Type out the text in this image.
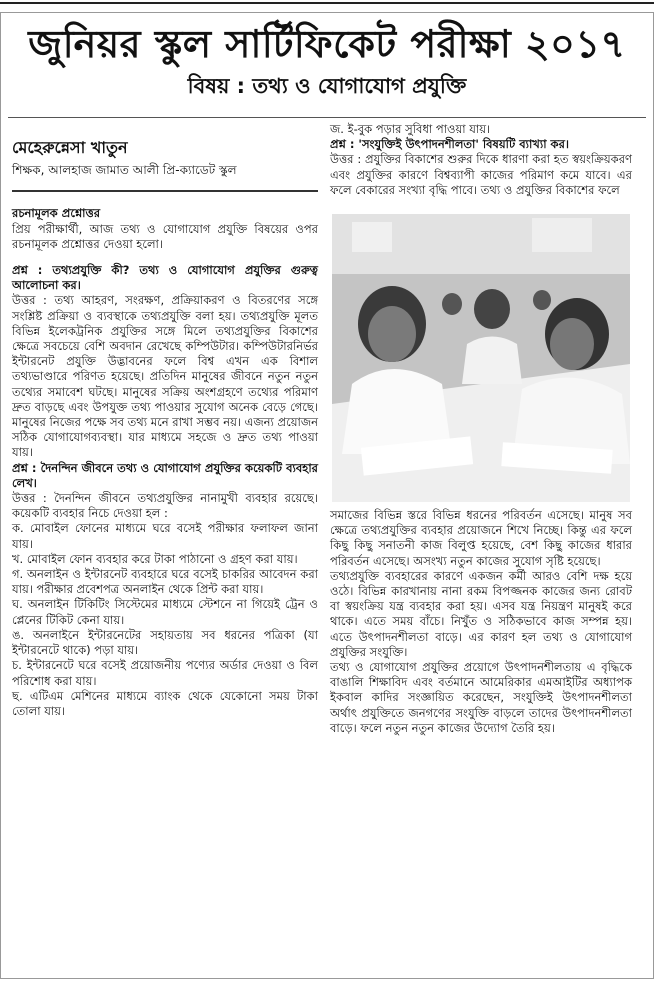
জুনিয়র স্কুল সার্টিফিকেট পরীক্ষা ২০১৭
বিষয় : তথ্য ও যোগাযোগ প্রযুক্তি
মেহেরুন্নেসা খাতুন
শিক্ষক, আলহাজ জামাত আলী প্রি-ক্যাডেট স্কুল

রচনামূলক প্রশ্নোত্তর

প্রিয় পরীক্ষার্থী, আজ তথ্য ও যোগাযোগ প্রযুক্তি বিষয়ের ওপর রচনামূলক প্রশ্নোত্তর দেওয়া হলো।

প্রশ্ন : তথ্যপ্রযুক্তি কী? তথ্য ও যোগাযোগ প্রযুক্তির গুরুত্ব আলোচনা কর।

উত্তর : তথ্য আহরণ, সংরক্ষণ, প্রক্রিয়াকরণ ও বিতরণের সঙ্গে সংশ্লিষ্ট প্রক্রিয়া ও ব্যবস্থাকে তথ্যপ্রযুক্তি বলা হয়। তথ্যপ্রযুক্তি মূলত বিভিন্ন ইলেকট্রনিক প্রযুক্তির সঙ্গে মিলে তথ্যপ্রযুক্তির বিকাশের ক্ষেত্রে সবচেয়ে বেশি অবদান রেখেছে কম্পিউটার। কম্পিউটারনির্ভর ইন্টারনেট প্রযুক্তি উদ্ভাবনের ফলে বিশ্ব এখন এক বিশাল তথ্যভাণ্ডারে পরিণত হয়েছে। প্রতিদিন মানুষের জীবনে নতুন নতুন তথ্যের সমাবেশ ঘটছে। মানুষের সক্রিয় অংশগ্রহণে তথ্যের পরিমাণ দ্রুত বাড়ছে এবং উপযুক্ত তথ্য পাওয়ার সুযোগ অনেক বেড়ে গেছে। মানুষের নিজের পক্ষে সব তথ্য মনে রাখা সম্ভব নয়। এজন্য প্রয়োজন সঠিক যোগাযোগব্যবস্থা। যার মাধ্যমে সহজে ও দ্রুত তথ্য পাওয়া যায়।

প্রশ্ন : দৈনন্দিন জীবনে তথ্য ও যোগাযোগ প্রযুক্তির কয়েকটি ব্যবহার লেখ।

উত্তর : দৈনন্দিন জীবনে তথ্যপ্রযুক্তির নানামুখী ব্যবহার রয়েছে। কয়েকটি ব্যবহার নিচে দেওয়া হল :

ক. মোবাইল ফোনের মাধ্যমে ঘরে বসেই পরীক্ষার ফলাফল জানা যায়।

খ. মোবাইল ফোন ব্যবহার করে টাকা পাঠানো ও গ্রহণ করা যায়।

গ. অনলাইন ও ইন্টারনেট ব্যবহারে ঘরে বসেই চাকরির আবেদন করা যায়। পরীক্ষার প্রবেশপত্র অনলাইন থেকে প্রিন্ট করা যায়।

ঘ. অনলাইন টিকিটিং সিস্টেমের মাধ্যমে স্টেশনে না গিয়েই ট্রেন ও প্লেনের টিকিট কেনা যায়।

ঙ. অনলাইনে ইন্টারনেটের সহায়তায় সব ধরনের পত্রিকা (যা ইন্টারনেটে থাকে) পড়া যায়।

চ. ইন্টারনেটে ঘরে বসেই প্রয়োজনীয় পণ্যের অর্ডার দেওয়া ও বিল পরিশোধ করা যায়।

ছ. এটিএম মেশিনের মাধ্যমে ব্যাংক থেকে যেকোনো সময় টাকা তোলা যায়।

জ. ই-বুক পড়ার সুবিধা পাওয়া যায়।

প্রশ্ন : 'সংযুক্তিই উৎপাদনশীলতা' বিষয়টি ব্যাখ্যা কর।

উত্তর : প্রযুক্তির বিকাশের শুরুর দিকে ধারণা করা হত স্বয়ংক্রিয়করণ এবং প্রযুক্তির কারণে বিশ্বব্যাপী কাজের পরিমাণ কমে যাবে। এর ফলে বেকারের সংখ্যা বৃদ্ধি পাবে। তথ্য ও প্রযুক্তির বিকাশের ফলে

সমাজের বিভিন্ন স্তরে বিভিন্ন ধরনের পরিবর্তন এসেছে। মানুষ সব ক্ষেত্রে তথ্যপ্রযুক্তির ব্যবহার প্রয়োজনে শিখে নিচ্ছে। কিন্তু এর ফলে কিছু কিছু সনাতনী কাজ বিলুপ্ত হয়েছে, বেশ কিছু কাজের ধারার পরিবর্তন এসেছে। অসংখ্য নতুন কাজের সুযোগ সৃষ্টি হয়েছে।

তথ্যপ্রযুক্তি ব্যবহারের কারণে একজন কর্মী আরও বেশি দক্ষ হয়ে ওঠে। বিভিন্ন কারখানায় নানা রকম বিপজ্জনক কাজের জন্য রোবট বা স্বয়ংক্রিয় যন্ত্র ব্যবহার করা হয়। এসব যন্ত্র নিয়ন্ত্রণ মানুষই করে থাকে। এতে সময় বাঁচে। নিখুঁত ও সঠিকভাবে কাজ সম্পন্ন হয়। এতে উৎপাদনশীলতা বাড়ে। এর কারণ হল তথ্য ও যোগাযোগ প্রযুক্তির সংযুক্তি।

তথ্য ও যোগাযোগ প্রযুক্তির প্রয়োগে উৎপাদনশীলতায় এ বৃদ্ধিকে বাঙালি শিক্ষাবিদ এবং বর্তমানে আমেরিকার এমআইটির অধ্যাপক ইকবাল কাদির সংজ্ঞায়িত করেছেন, সংযুক্তিই উৎপাদনশীলতা অর্থাৎ প্রযুক্তিতে জনগণের সংযুক্তি বাড়লে তাদের উৎপাদনশীলতা বাড়ে। ফলে নতুন নতুন কাজের উদ্যোগ তৈরি হয়।
